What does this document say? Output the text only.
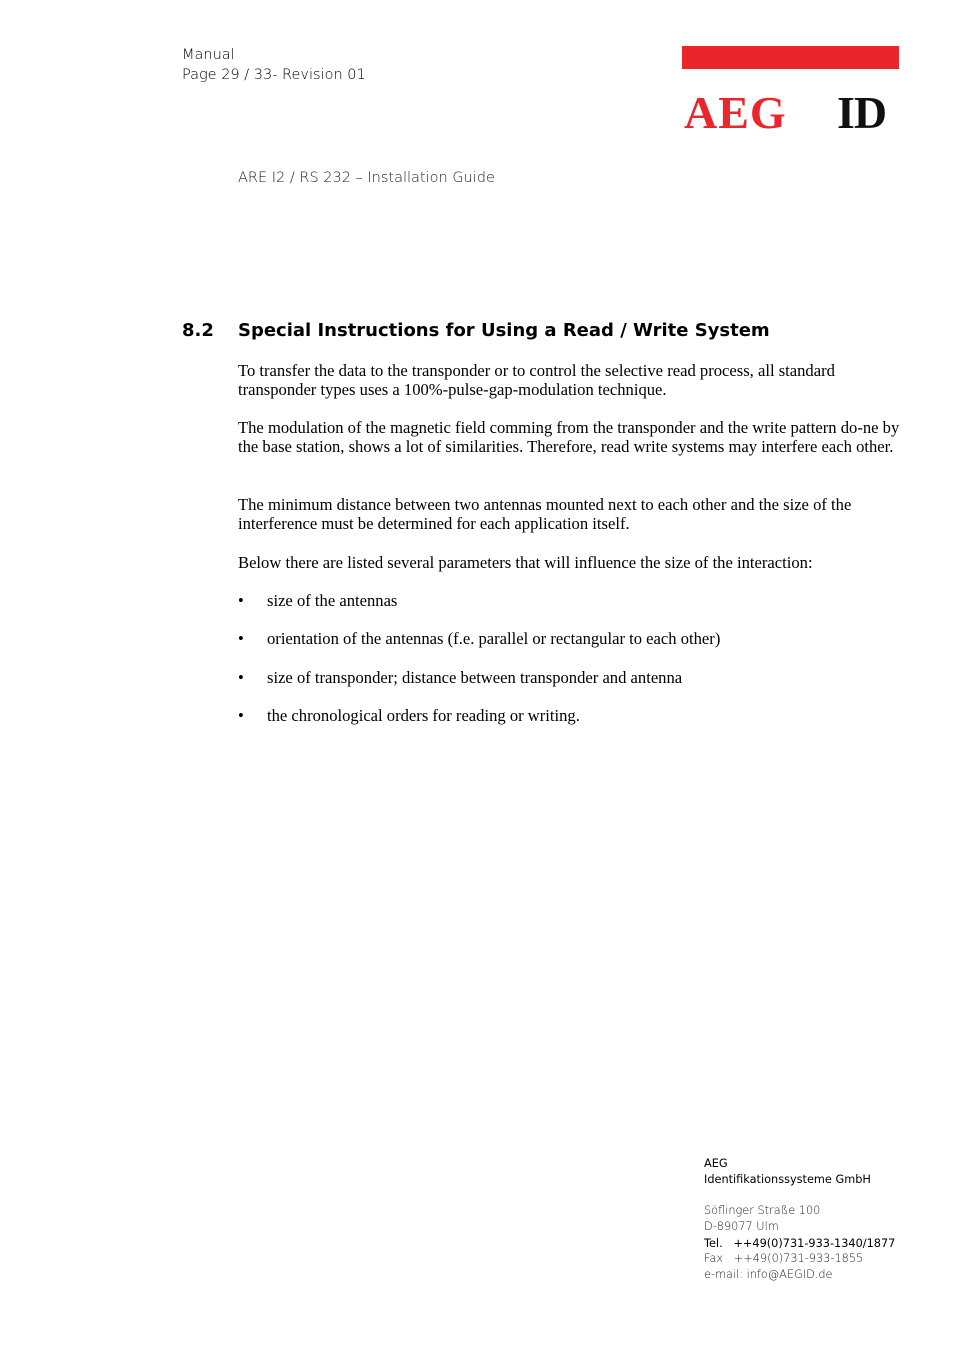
Manual
Page 29 / 33- Revision 01
ARE I2 / RS 232 – Installation Guide
AEG ID
8.2 Special Instructions for Using a Read / Write System

To transfer the data to the transponder or to control the selective read process, all standard transponder types uses a 100%-pulse-gap-modulation technique.

The modulation of the magnetic field comming from the transponder and the write pattern do-ne by the base station, shows a lot of similarities. Therefore, read write systems may interfere each other.

The minimum distance between two antennas mounted next to each other and the size of the interference must be determined for each application itself.

Below there are listed several parameters that will influence the size of the interaction:

•	size of the antennas
•	orientation of the antennas (f.e. parallel or rectangular to each other)
•	size of transponder; distance between transponder and antenna
•	the chronological orders for reading or writing.
AEG
Identifikationssysteme GmbH
Söflinger Straße 100
D-89077 Ulm
Tel. ++49(0)731-933-1340/1877
Fax ++49(0)731-933-1855
e-mail: info@AEGID.de
